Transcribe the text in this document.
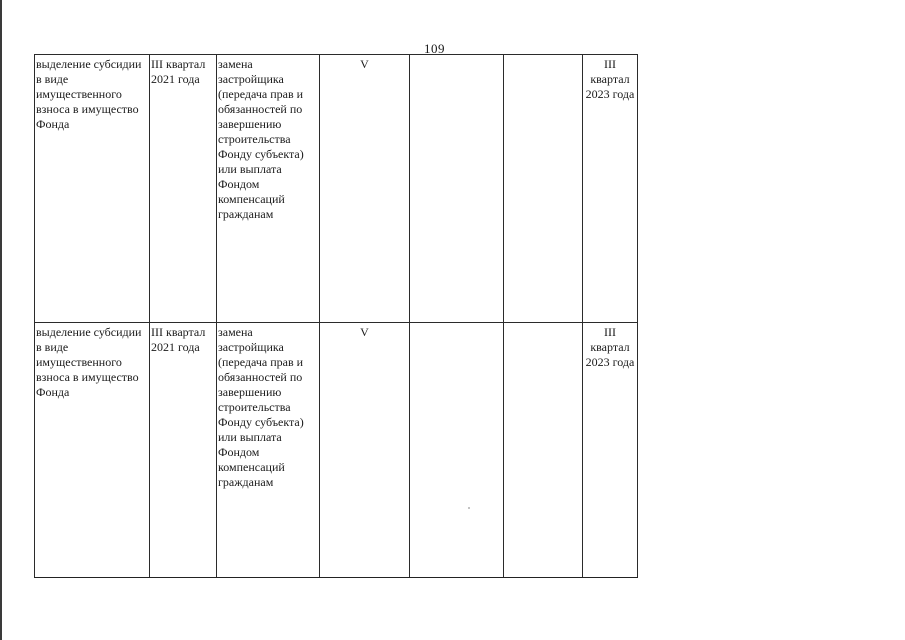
109
выделение субсидии в виде имущественного взноса в имущество Фонда	III квартал 2021 года	замена застройщика (передача прав и обязанностей по завершению строительства Фонду субъекта) или выплата Фондом компенсаций гражданам	V			III квартал 2023 года
выделение субсидии в виде имущественного взноса в имущество Фонда	III квартал 2021 года	замена застройщика (передача прав и обязанностей по завершению строительства Фонду субъекта) или выплата Фондом компенсаций гражданам	V			III квартал 2023 года
